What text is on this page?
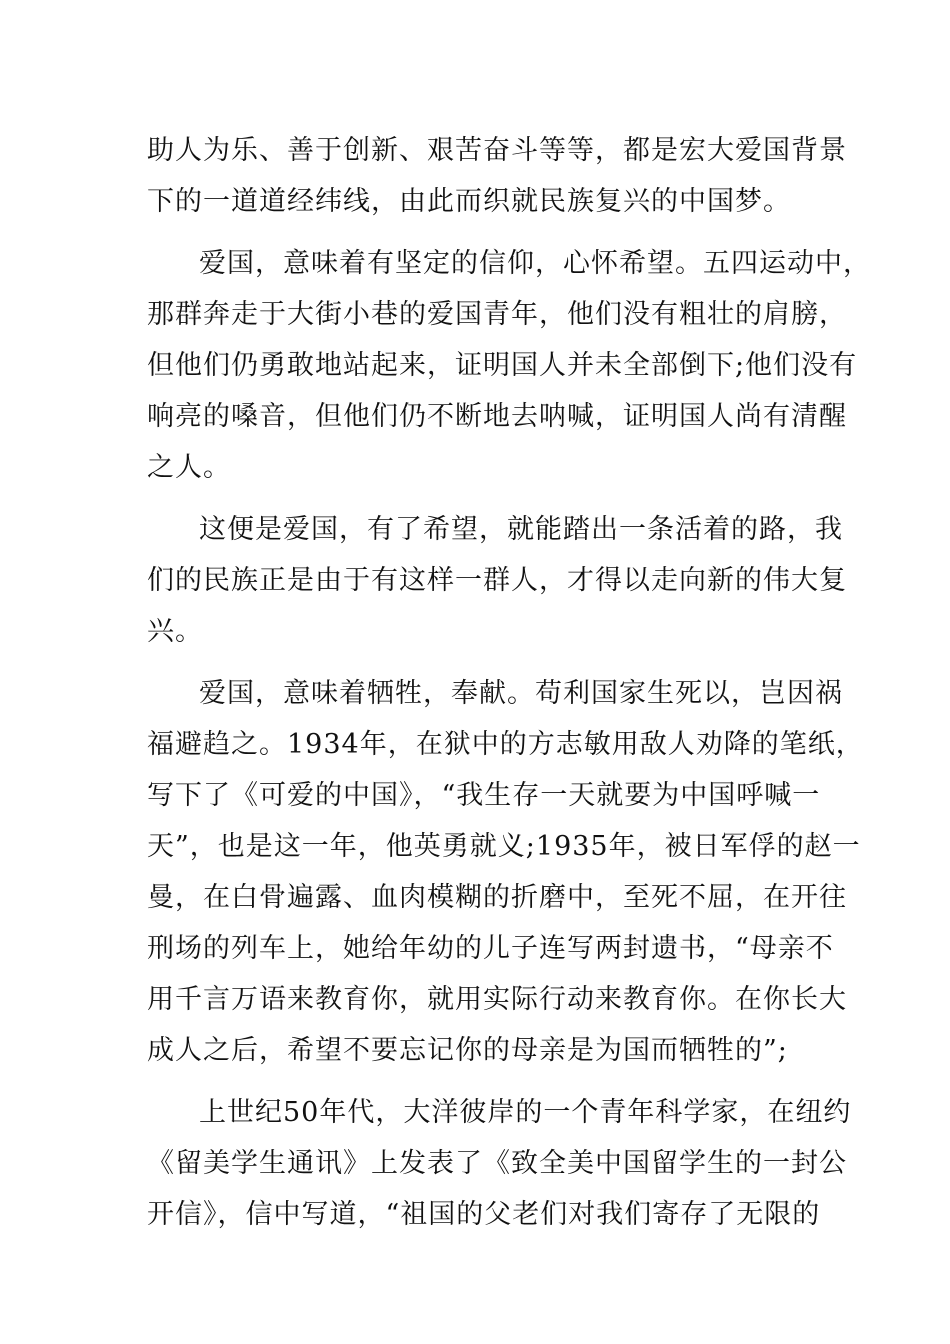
助人为乐、善于创新、艰苦奋斗等等，都是宏大爱国背景
下的一道道经纬线，由此而织就民族复兴的中国梦。
爱国，意味着有坚定的信仰，心怀希望。五四运动中，
那群奔走于大街小巷的爱国青年，他们没有粗壮的肩膀，
但他们仍勇敢地站起来，证明国人并未全部倒下;他们没有
响亮的嗓音，但他们仍不断地去呐喊，证明国人尚有清醒
之人。
这便是爱国，有了希望，就能踏出一条活着的路，我
们的民族正是由于有这样一群人，才得以走向新的伟大复
兴。
爱国，意味着牺牲，奉献。苟利国家生死以，岂因祸
福避趋之。1934年，在狱中的方志敏用敌人劝降的笔纸，
写下了《可爱的中国》，“我生存一天就要为中国呼喊一
天”，也是这一年，他英勇就义;1935年，被日军俘的赵一
曼，在白骨遍露、血肉模糊的折磨中，至死不屈，在开往
刑场的列车上，她给年幼的儿子连写两封遗书，“母亲不
用千言万语来教育你，就用实际行动来教育你。在你长大
成人之后，希望不要忘记你的母亲是为国而牺牲的”;
上世纪50年代，大洋彼岸的一个青年科学家，在纽约
《留美学生通讯》上发表了《致全美中国留学生的一封公
开信》，信中写道，“祖国的父老们对我们寄存了无限的
